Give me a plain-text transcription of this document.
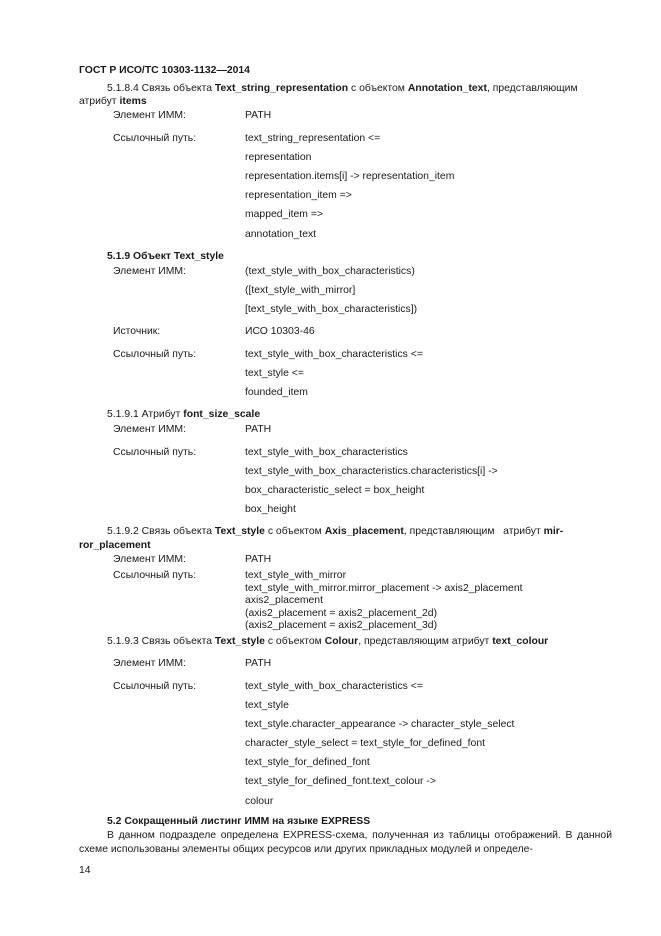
ГОСТ Р ИСО/ТС 10303-1132—2014
5.1.8.4 Связь объекта Text_string_representation с объектом Annotation_text, представляющим
атрибут items
Элемент ИММ:	PATH
Ссылочный путь:	text_string_representation <=
representation
representation.items[i] -> representation_item
representation_item =>
mapped_item =>
annotation_text
5.1.9 Объект Text_style
Элемент ИММ:	(text_style_with_box_characteristics)
([text_style_with_mirror]
[text_style_with_box_characteristics])
Источник:	ИСО 10303-46
Ссылочный путь:	text_style_with_box_characteristics <=
text_style <=
founded_item
5.1.9.1 Атрибут font_size_scale
Элемент ИММ:	PATH
Ссылочный путь:	text_style_with_box_characteristics
text_style_with_box_characteristics.characteristics[i] ->
box_characteristic_select = box_height
box_height
5.1.9.2 Связь объекта Text_style с объектом Axis_placement, представляющим   атрибут mir-
ror_placement
Элемент ИММ:	PATH
Ссылочный путь:	text_style_with_mirror
text_style_with_mirror.mirror_placement -> axis2_placement
axis2_placement
(axis2_placement = axis2_placement_2d)
(axis2_placement = axis2_placement_3d)
5.1.9.3 Связь объекта Text_style с объектом Colour, представляющим атрибут text_colour
Элемент ИММ:	PATH
Ссылочный путь:	text_style_with_box_characteristics <=
text_style
text_style.character_appearance -> character_style_select
character_style_select = text_style_for_defined_font
text_style_for_defined_font
text_style_for_defined_font.text_colour ->
colour
5.2 Сокращенный листинг ИММ на языке EXPRESS
В данном подразделе определена EXPRESS-схема, полученная из таблицы отображений. В данной схеме использованы элементы общих ресурсов или других прикладных модулей и определе-
14
